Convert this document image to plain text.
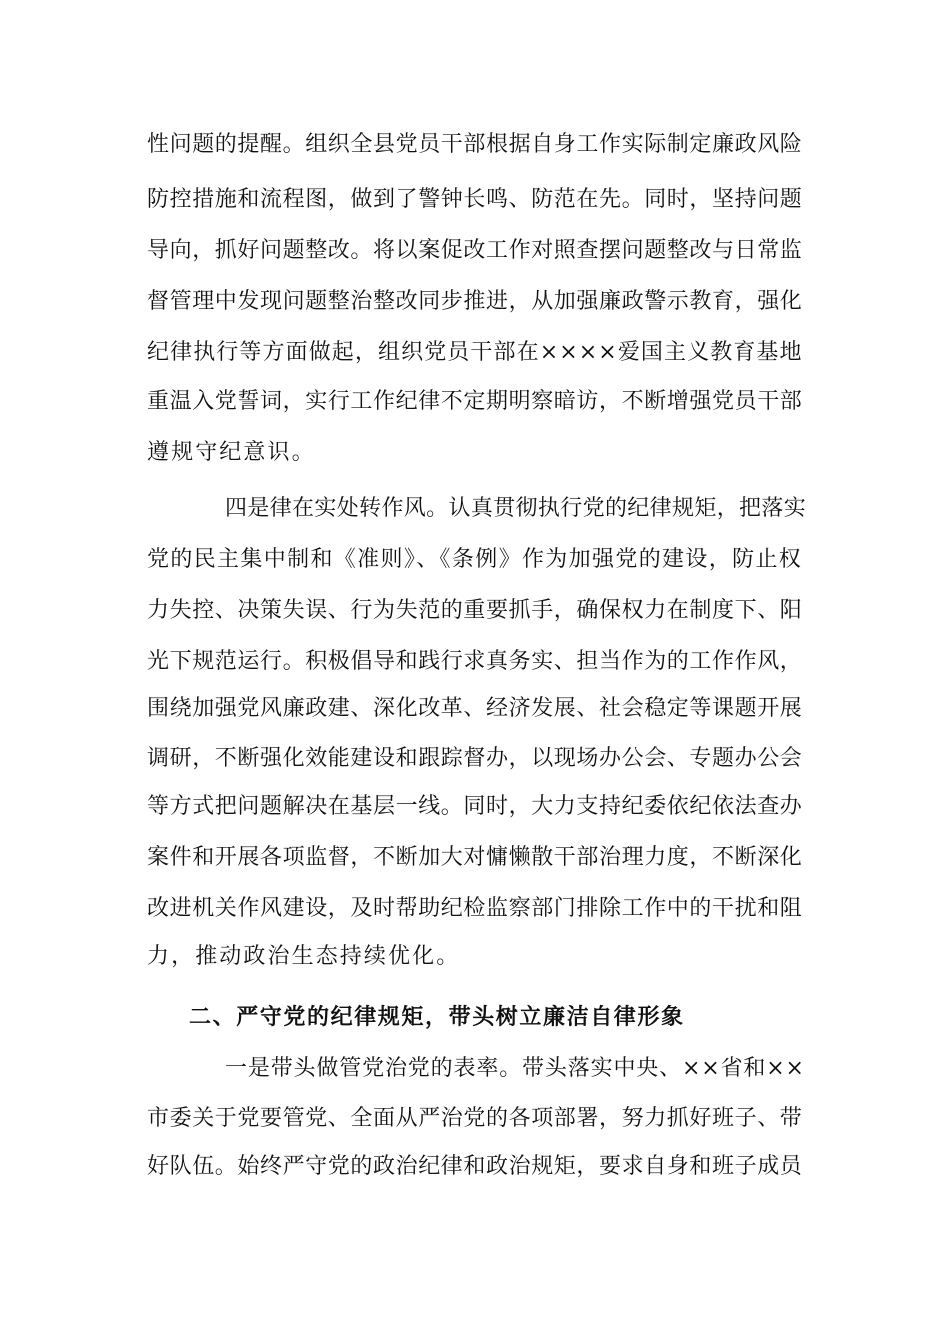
性问题的提醒。组织全县党员干部根据自身工作实际制定廉政风险
防控措施和流程图，做到了警钟长鸣、防范在先。同时，坚持问题
导向，抓好问题整改。将以案促改工作对照查摆问题整改与日常监
督管理中发现问题整治整改同步推进，从加强廉政警示教育，强化
纪律执行等方面做起，组织党员干部在××××爱国主义教育基地
重温入党誓词，实行工作纪律不定期明察暗访，不断增强党员干部
遵规守纪意识。
四是律在实处转作风。认真贯彻执行党的纪律规矩，把落实
党的民主集中制和《准则》、《条例》作为加强党的建设，防止权
力失控、决策失误、行为失范的重要抓手，确保权力在制度下、阳
光下规范运行。积极倡导和践行求真务实、担当作为的工作作风，
围绕加强党风廉政建、深化改革、经济发展、社会稳定等课题开展
调研，不断强化效能建设和跟踪督办，以现场办公会、专题办公会
等方式把问题解决在基层一线。同时，大力支持纪委依纪依法查办
案件和开展各项监督，不断加大对慵懒散干部治理力度，不断深化
改进机关作风建设，及时帮助纪检监察部门排除工作中的干扰和阻
力，推动政治生态持续优化。
二、严守党的纪律规矩，带头树立廉洁自律形象
一是带头做管党治党的表率。带头落实中央、××省和××
市委关于党要管党、全面从严治党的各项部署，努力抓好班子、带
好队伍。始终严守党的政治纪律和政治规矩，要求自身和班子成员
